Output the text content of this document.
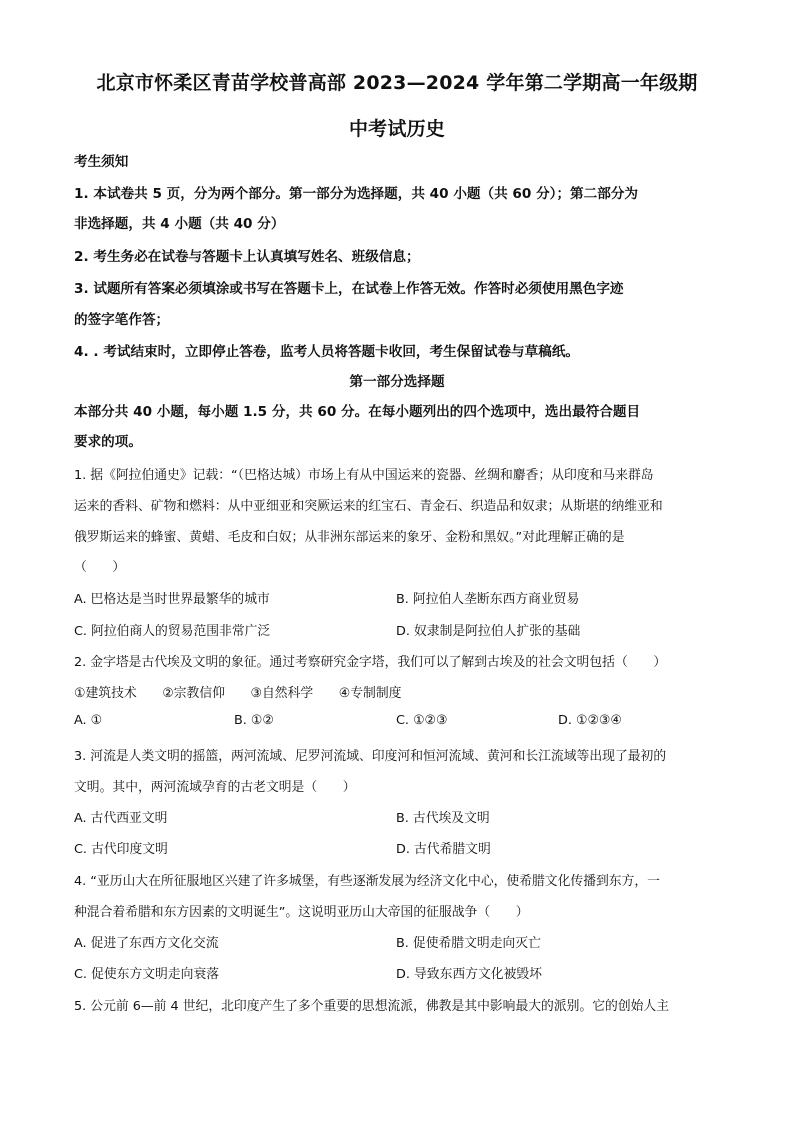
北京市怀柔区青苗学校普高部 2023—2024 学年第二学期高一年级期
中考试历史
考生须知
1. 本试卷共 5 页，分为两个部分。第一部分为选择题，共 40 小题（共 60 分）；第二部分为
非选择题，共 4 小题（共 40 分）
2. 考生务必在试卷与答题卡上认真填写姓名、班级信息；
3. 试题所有答案必须填涂或书写在答题卡上，在试卷上作答无效。作答时必须使用黑色字迹
的签字笔作答；
4. . 考试结束时，立即停止答卷，监考人员将答题卡收回，考生保留试卷与草稿纸。
第一部分选择题
本部分共 40 小题，每小题 1.5 分，共 60 分。在每小题列出的四个选项中，选出最符合题目
要求的项。
1. 据《阿拉伯通史》记载：“（巴格达城）市场上有从中国运来的瓷器、丝绸和麝香；从印度和马来群岛
运来的香料、矿物和燃料：从中亚细亚和突厥运来的红宝石、青金石、织造品和奴隶；从斯堪的纳维亚和
俄罗斯运来的蜂蜜、黄蜡、毛皮和白奴；从非洲东部运来的象牙、金粉和黑奴。”对此理解正确的是
（　　）
A. 巴格达是当时世界最繁华的城市	B. 阿拉伯人垄断东西方商业贸易
C. 阿拉伯商人的贸易范围非常广泛	D. 奴隶制是阿拉伯人扩张的基础
2. 金字塔是古代埃及文明的象征。通过考察研究金字塔，我们可以了解到古埃及的社会文明包括（　　）
①建筑技术　　②宗教信仰　　③自然科学　　④专制制度
A. ①	B. ①②	C. ①②③	D. ①②③④
3. 河流是人类文明的摇篮，两河流域、尼罗河流域、印度河和恒河流域、黄河和长江流域等出现了最初的
文明。其中，两河流域孕育的古老文明是（　　）
A. 古代西亚文明	B. 古代埃及文明
C. 古代印度文明	D. 古代希腊文明
4. “亚历山大在所征服地区兴建了许多城堡，有些逐渐发展为经济文化中心，使希腊文化传播到东方，一
种混合着希腊和东方因素的文明诞生”。这说明亚历山大帝国的征服战争（　　）
A. 促进了东西方文化交流	B. 促使希腊文明走向灭亡
C. 促使东方文明走向衰落	D. 导致东西方文化被毁坏
5. 公元前 6—前 4 世纪，北印度产生了多个重要的思想流派，佛教是其中影响最大的派别。它的创始人主
